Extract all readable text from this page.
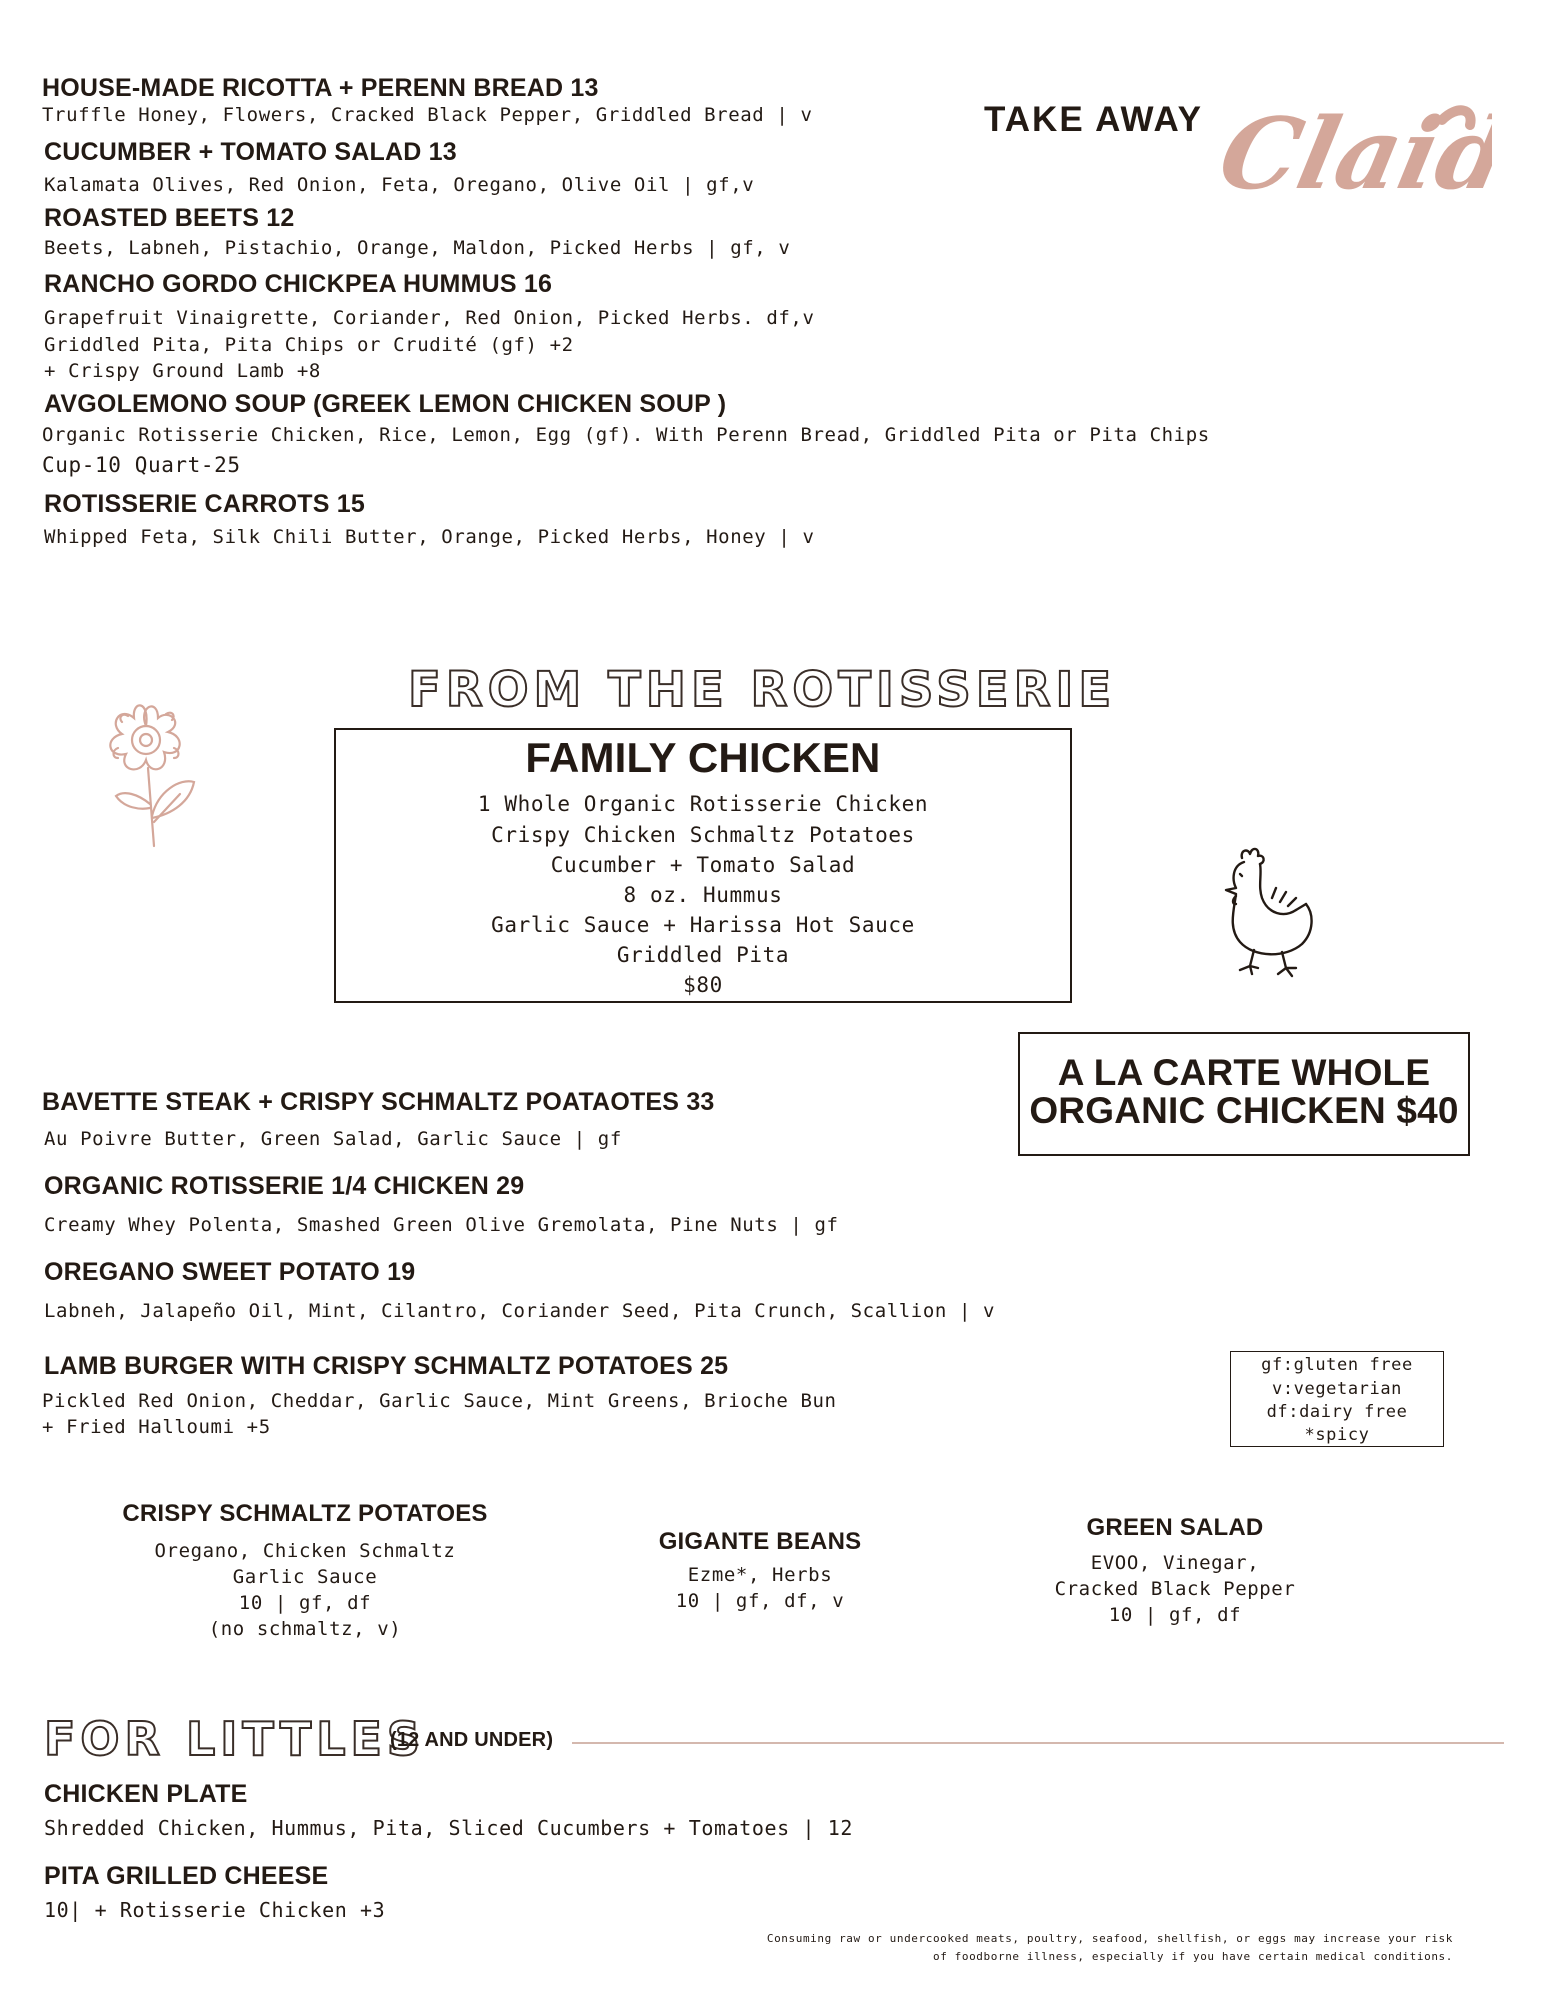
TAKE AWAY Claid
HOUSE-MADE RICOTTA + PERENN BREAD 13
Truffle Honey, Flowers, Cracked Black Pepper, Griddled Bread | v
CUCUMBER + TOMATO SALAD 13
Kalamata Olives, Red Onion, Feta, Oregano, Olive Oil | gf,v
ROASTED BEETS 12
Beets, Labneh, Pistachio, Orange, Maldon, Picked Herbs | gf, v
RANCHO GORDO CHICKPEA HUMMUS 16
Grapefruit Vinaigrette, Coriander, Red Onion, Picked Herbs. df,v
Griddled Pita, Pita Chips or Crudité (gf) +2
+ Crispy Ground Lamb +8
AVGOLEMONO SOUP (GREEK LEMON CHICKEN SOUP )
Organic Rotisserie Chicken, Rice, Lemon, Egg (gf). With Perenn Bread, Griddled Pita or Pita Chips
Cup-10 Quart-25
ROTISSERIE CARROTS 15
Whipped Feta, Silk Chili Butter, Orange, Picked Herbs, Honey | v
FROM THE ROTISSERIE
FAMILY CHICKEN
1 Whole Organic Rotisserie Chicken
Crispy Chicken Schmaltz Potatoes
Cucumber + Tomato Salad
8 oz. Hummus
Garlic Sauce + Harissa Hot Sauce
Griddled Pita
$80
A LA CARTE WHOLE
ORGANIC CHICKEN $40
BAVETTE STEAK + CRISPY SCHMALTZ POATAOTES 33
Au Poivre Butter, Green Salad, Garlic Sauce | gf
ORGANIC ROTISSERIE 1/4 CHICKEN 29
Creamy Whey Polenta, Smashed Green Olive Gremolata, Pine Nuts | gf
OREGANO SWEET POTATO 19
Labneh, Jalapeño Oil, Mint, Cilantro, Coriander Seed, Pita Crunch, Scallion | v
LAMB BURGER WITH CRISPY SCHMALTZ POTATOES 25
Pickled Red Onion, Cheddar, Garlic Sauce, Mint Greens, Brioche Bun
+ Fried Halloumi +5
gf:gluten free
v:vegetarian
df:dairy free
*spicy
CRISPY SCHMALTZ POTATOES
Oregano, Chicken Schmaltz
Garlic Sauce
10 | gf, df
(no schmaltz, v)
GIGANTE BEANS
Ezme*, Herbs
10 | gf, df, v
GREEN SALAD
EVOO, Vinegar,
Cracked Black Pepper
10 | gf, df
FOR LITTLES
(12 AND UNDER)
CHICKEN PLATE
Shredded Chicken, Hummus, Pita, Sliced Cucumbers + Tomatoes | 12
PITA GRILLED CHEESE
10| + Rotisserie Chicken +3
Consuming raw or undercooked meats, poultry, seafood, shellfish, or eggs may increase your risk
of foodborne illness, especially if you have certain medical conditions.
